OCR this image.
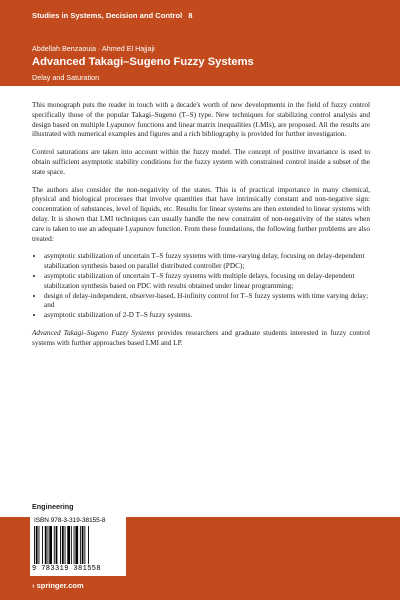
Studies in Systems, Decision and Control 8
Abdellah Benzaouia · Ahmed El Hajjaji
Advanced Takagi–Sugeno Fuzzy Systems
Delay and Saturation

This monograph puts the reader in touch with a decade's worth of new developments in the field of fuzzy control specifically those of the popular Takagi–Sugeno (T–S) type. New techniques for stabilizing control analysis and design based on multiple Lyapunov functions and linear matrix inequalities (LMIs), are proposed. All the results are illustrated with numerical examples and figures and a rich bibliography is provided for further investigation.

Control saturations are taken into account within the fuzzy model. The concept of positive invariance is used to obtain sufficient asymptotic stability conditions for the fuzzy system with constrained control inside a subset of the state space.

The authors also consider the non-negativity of the states. This is of practical importance in many chemical, physical and biological processes that involve quantities that have intrinsically constant and non-negative sign: concentration of substances, level of liquids, etc. Results for linear systems are then extended to linear systems with delay. It is shown that LMI techniques can usually handle the new constraint of non-negativity of the states when care is taken to use an adequate Lyapunov function. From these foundations, the following further problems are also treated:

• asymptotic stabilization of uncertain T–S fuzzy systems with time-varying delay, focusing on delay-dependent stabilization synthesis based on parallel distributed controller (PDC);
• asymptotic stabilization of uncertain T–S fuzzy systems with multiple delays, focusing on delay-dependent stabilization synthesis based on PDC with results obtained under linear programming;
• design of delay-independent, observer-based, H-infinity control for T–S fuzzy systems with time varying delay; and
• asymptotic stabilization of 2-D T–S fuzzy systems.

Advanced Takagi–Sugeno Fuzzy Systems provides researchers and graduate students interested in fuzzy control systems with further approaches based LMI and LP.

Engineering
ISBN 978-3-319-38155-8
9 783319 381558
› springer.com
